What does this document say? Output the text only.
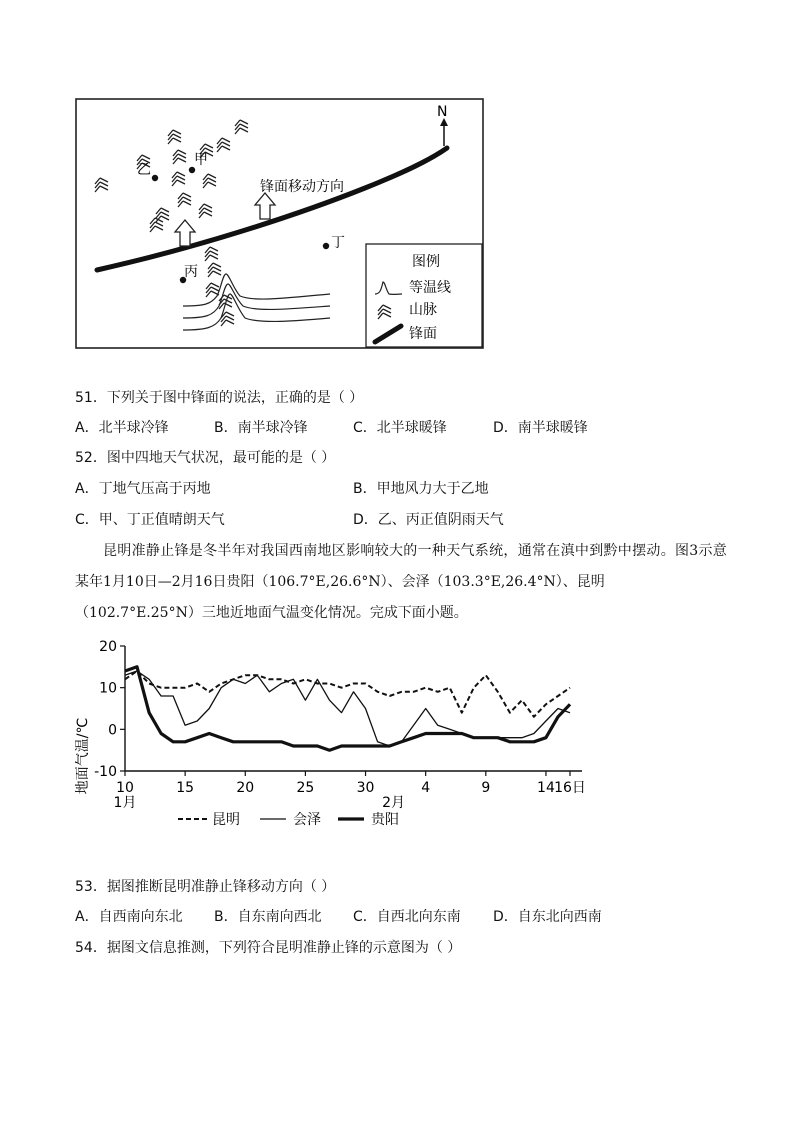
N
乙
甲
丙
丁
锋面移动方向
图例
等温线
山脉
锋面
51．下列关于图中锋面的说法，正确的是（ ）
A．北半球冷锋	B．南半球冷锋	C．北半球暖锋	D．南半球暖锋
52．图中四地天气状况，最可能的是（ ）
A．丁地气压高于丙地	B．甲地风力大于乙地
C．甲、丁正值晴朗天气	D．乙、丙正值阴雨天气
昆明准静止锋是冬半年对我国西南地区影响较大的一种天气系统，通常在滇中到黔中摆动。图3示意
某年1月10日—2月16日贵阳（106.7°E,26.6°N）、会泽（103.3°E,26.4°N）、昆明
（102.7°E.25°N）三地近地面气温变化情况。完成下面小题。
20
10
0
-10
10	15	20	25	30	4	9	14 16日
1月	2月
地面气温/℃
昆明	会泽	贵阳
53．据图推断昆明准静止锋移动方向（ ）
A．自西南向东北 B．自东南向西北 C．自西北向东南 D．自东北向西南
54．据图文信息推测，下列符合昆明准静止锋的示意图为（ ）
